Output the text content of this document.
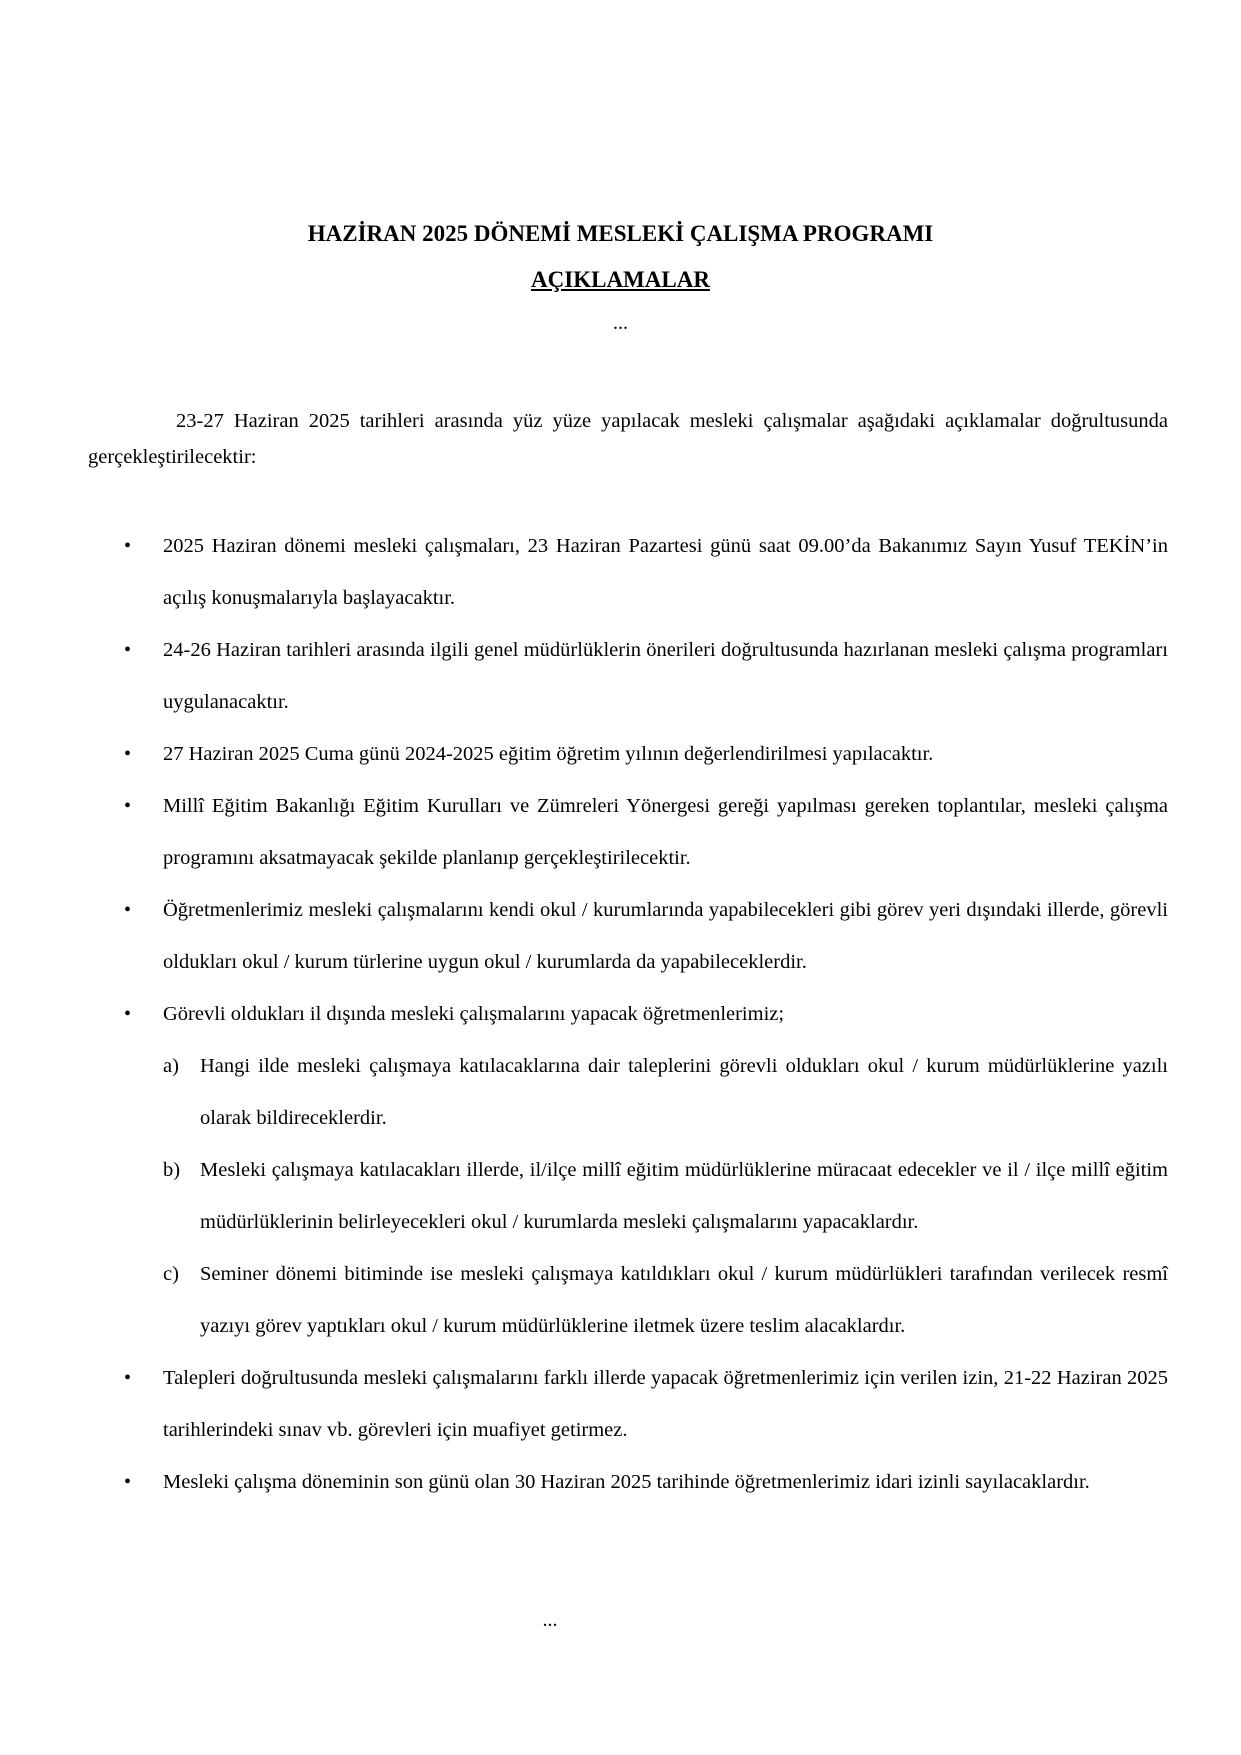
HAZİRAN 2025 DÖNEMİ MESLEKİ ÇALIŞMA PROGRAMI
AÇIKLAMALAR
...
23-27 Haziran 2025 tarihleri arasında yüz yüze yapılacak mesleki çalışmalar aşağıdaki açıklamalar doğrultusunda gerçekleştirilecektir:
• 2025 Haziran dönemi mesleki çalışmaları, 23 Haziran Pazartesi günü saat 09.00’da Bakanımız Sayın Yusuf TEKİN’in açılış konuşmalarıyla başlayacaktır.
• 24-26 Haziran tarihleri arasında ilgili genel müdürlüklerin önerileri doğrultusunda hazırlanan mesleki çalışma programları uygulanacaktır.
• 27 Haziran 2025 Cuma günü 2024-2025 eğitim öğretim yılının değerlendirilmesi yapılacaktır.
• Millî Eğitim Bakanlığı Eğitim Kurulları ve Zümreleri Yönergesi gereği yapılması gereken toplantılar, mesleki çalışma programını aksatmayacak şekilde planlanıp gerçekleştirilecektir.
• Öğretmenlerimiz mesleki çalışmalarını kendi okul / kurumlarında yapabilecekleri gibi görev yeri dışındaki illerde, görevli oldukları okul / kurum türlerine uygun okul / kurumlarda da yapabileceklerdir.
• Görevli oldukları il dışında mesleki çalışmalarını yapacak öğretmenlerimiz;
a) Hangi ilde mesleki çalışmaya katılacaklarına dair taleplerini görevli oldukları okul / kurum müdürlüklerine yazılı olarak bildireceklerdir.
b) Mesleki çalışmaya katılacakları illerde, il/ilçe millî eğitim müdürlüklerine müracaat edecekler ve il / ilçe millî eğitim müdürlüklerinin belirleyecekleri okul / kurumlarda mesleki çalışmalarını yapacaklardır.
c) Seminer dönemi bitiminde ise mesleki çalışmaya katıldıkları okul / kurum müdürlükleri tarafından verilecek resmî yazıyı görev yaptıkları okul / kurum müdürlüklerine iletmek üzere teslim alacaklardır.
• Talepleri doğrultusunda mesleki çalışmalarını farklı illerde yapacak öğretmenlerimiz için verilen izin, 21-22 Haziran 2025 tarihlerindeki sınav vb. görevleri için muafiyet getirmez.
• Mesleki çalışma döneminin son günü olan 30 Haziran 2025 tarihinde öğretmenlerimiz idari izinli sayılacaklardır.
...
